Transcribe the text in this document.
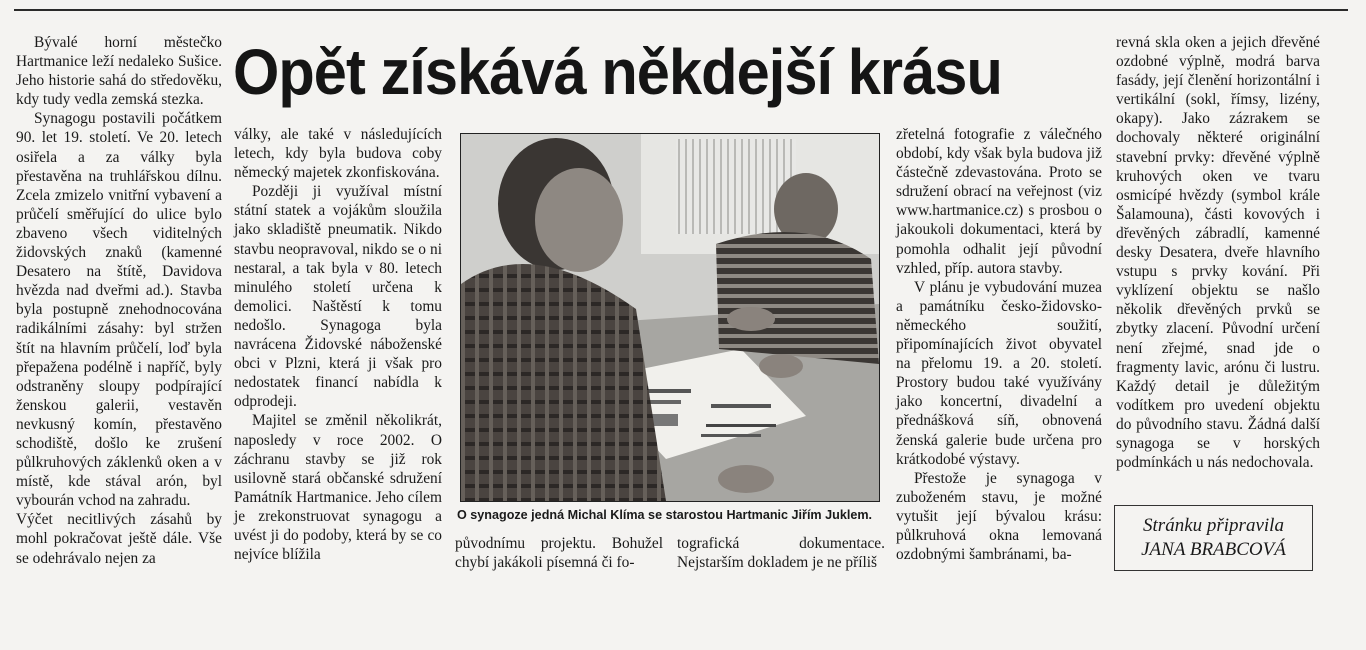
Opět získává někdejší krásu

Bývalé horní městečko Hartmanice leží nedaleko Sušice. Jeho historie sahá do středověku, kdy tudy vedla zemská stezka.

Synagogu postavili počátkem 90. let 19. století. Ve 20. letech osiřela a za války byla přestavěna na truhlářskou dílnu. Zcela zmizelo vnitřní vybavení a průčelí směřující do ulice bylo zbaveno všech viditelných židovských znaků (kamenné Desatero na štítě, Davidova hvězda nad dveřmi ad.). Stavba byla postupně znehodnocována radikálními zásahy: byl stržen štít na hlavním průčelí, loď byla přepažena podélně i napříč, byly odstraněny sloupy podpírající ženskou galerii, vestavěn nevkusný komín, přestavěno schodiště, došlo ke zrušení půlkruhových záklenků oken a v místě, kde stával arón, byl vybourán vchod na zahradu.

Výčet necitlivých zásahů by mohl pokračovat ještě dále. Vše se odehrávalo nejen za

války, ale také v následujících letech, kdy byla budova coby německý majetek zkonfiskována.

Později ji využíval místní státní statek a vojákům sloužila jako skladiště pneumatik. Nikdo stavbu neopravoval, nikdo se o ni nestaral, a tak byla v 80. letech minulého století určena k demolici. Naštěstí k tomu nedošlo. Synagoga byla navrácena Židovské náboženské obci v Plzni, která ji však pro nedostatek financí nabídla k odprodeji.

Majitel se změnil několikrát, naposledy v roce 2002. O záchranu stavby se již rok usilovně stará občanské sdružení Památník Hartmanice. Jeho cílem je zrekonstruovat synagogu a uvést ji do podoby, která by se co nejvíce blížila

O synagoze jedná Michal Klíma se starostou Hartmanic Jiřím Juklem.
původnímu projektu. Bohužel chybí jakákoli písemná či fo-
tografická dokumentace. Nejstarším dokladem je ne příliš

zřetelná fotografie z válečného období, kdy však byla budova již částečně zdevastována. Proto se sdružení obrací na veřejnost (viz www.hartmanice.cz) s prosbou o jakoukoli dokumentaci, která by pomohla odhalit její původní vzhled, příp. autora stavby.

V plánu je vybudování muzea a památníku česko-židovsko-německého soužití, připomínajících život obyvatel na přelomu 19. a 20. století. Prostory budou také využívány jako koncertní, divadelní a přednášková síň, obnovená ženská galerie bude určena pro krátkodobé výstavy.

Přestože je synagoga v zuboženém stavu, je možné vytušit její bývalou krásu: půlkruhová okna lemovaná ozdobnými šambránami, ba-

revná skla oken a jejich dřevěné ozdobné výplně, modrá barva fasády, její členění horizontální i vertikální (sokl, římsy, lizény, okapy). Jako zázrakem se dochovaly některé originální stavební prvky: dřevěné výplně kruhových oken ve tvaru osmicípé hvězdy (symbol krále Šalamouna), části kovových i dřevěných zábradlí, kamenné desky Desatera, dveře hlavního vstupu s prvky kování. Při vyklízení objektu se našlo několik dřevěných prvků se zbytky zlacení. Původní určení není zřejmé, snad jde o fragmenty lavic, arónu či lustru. Každý detail je důležitým vodítkem pro uvedení objektu do původního stavu. Žádná další synagoga se v horských podmínkách u nás nedochovala.

Stránku připravila
JANA BRABCOVÁ
